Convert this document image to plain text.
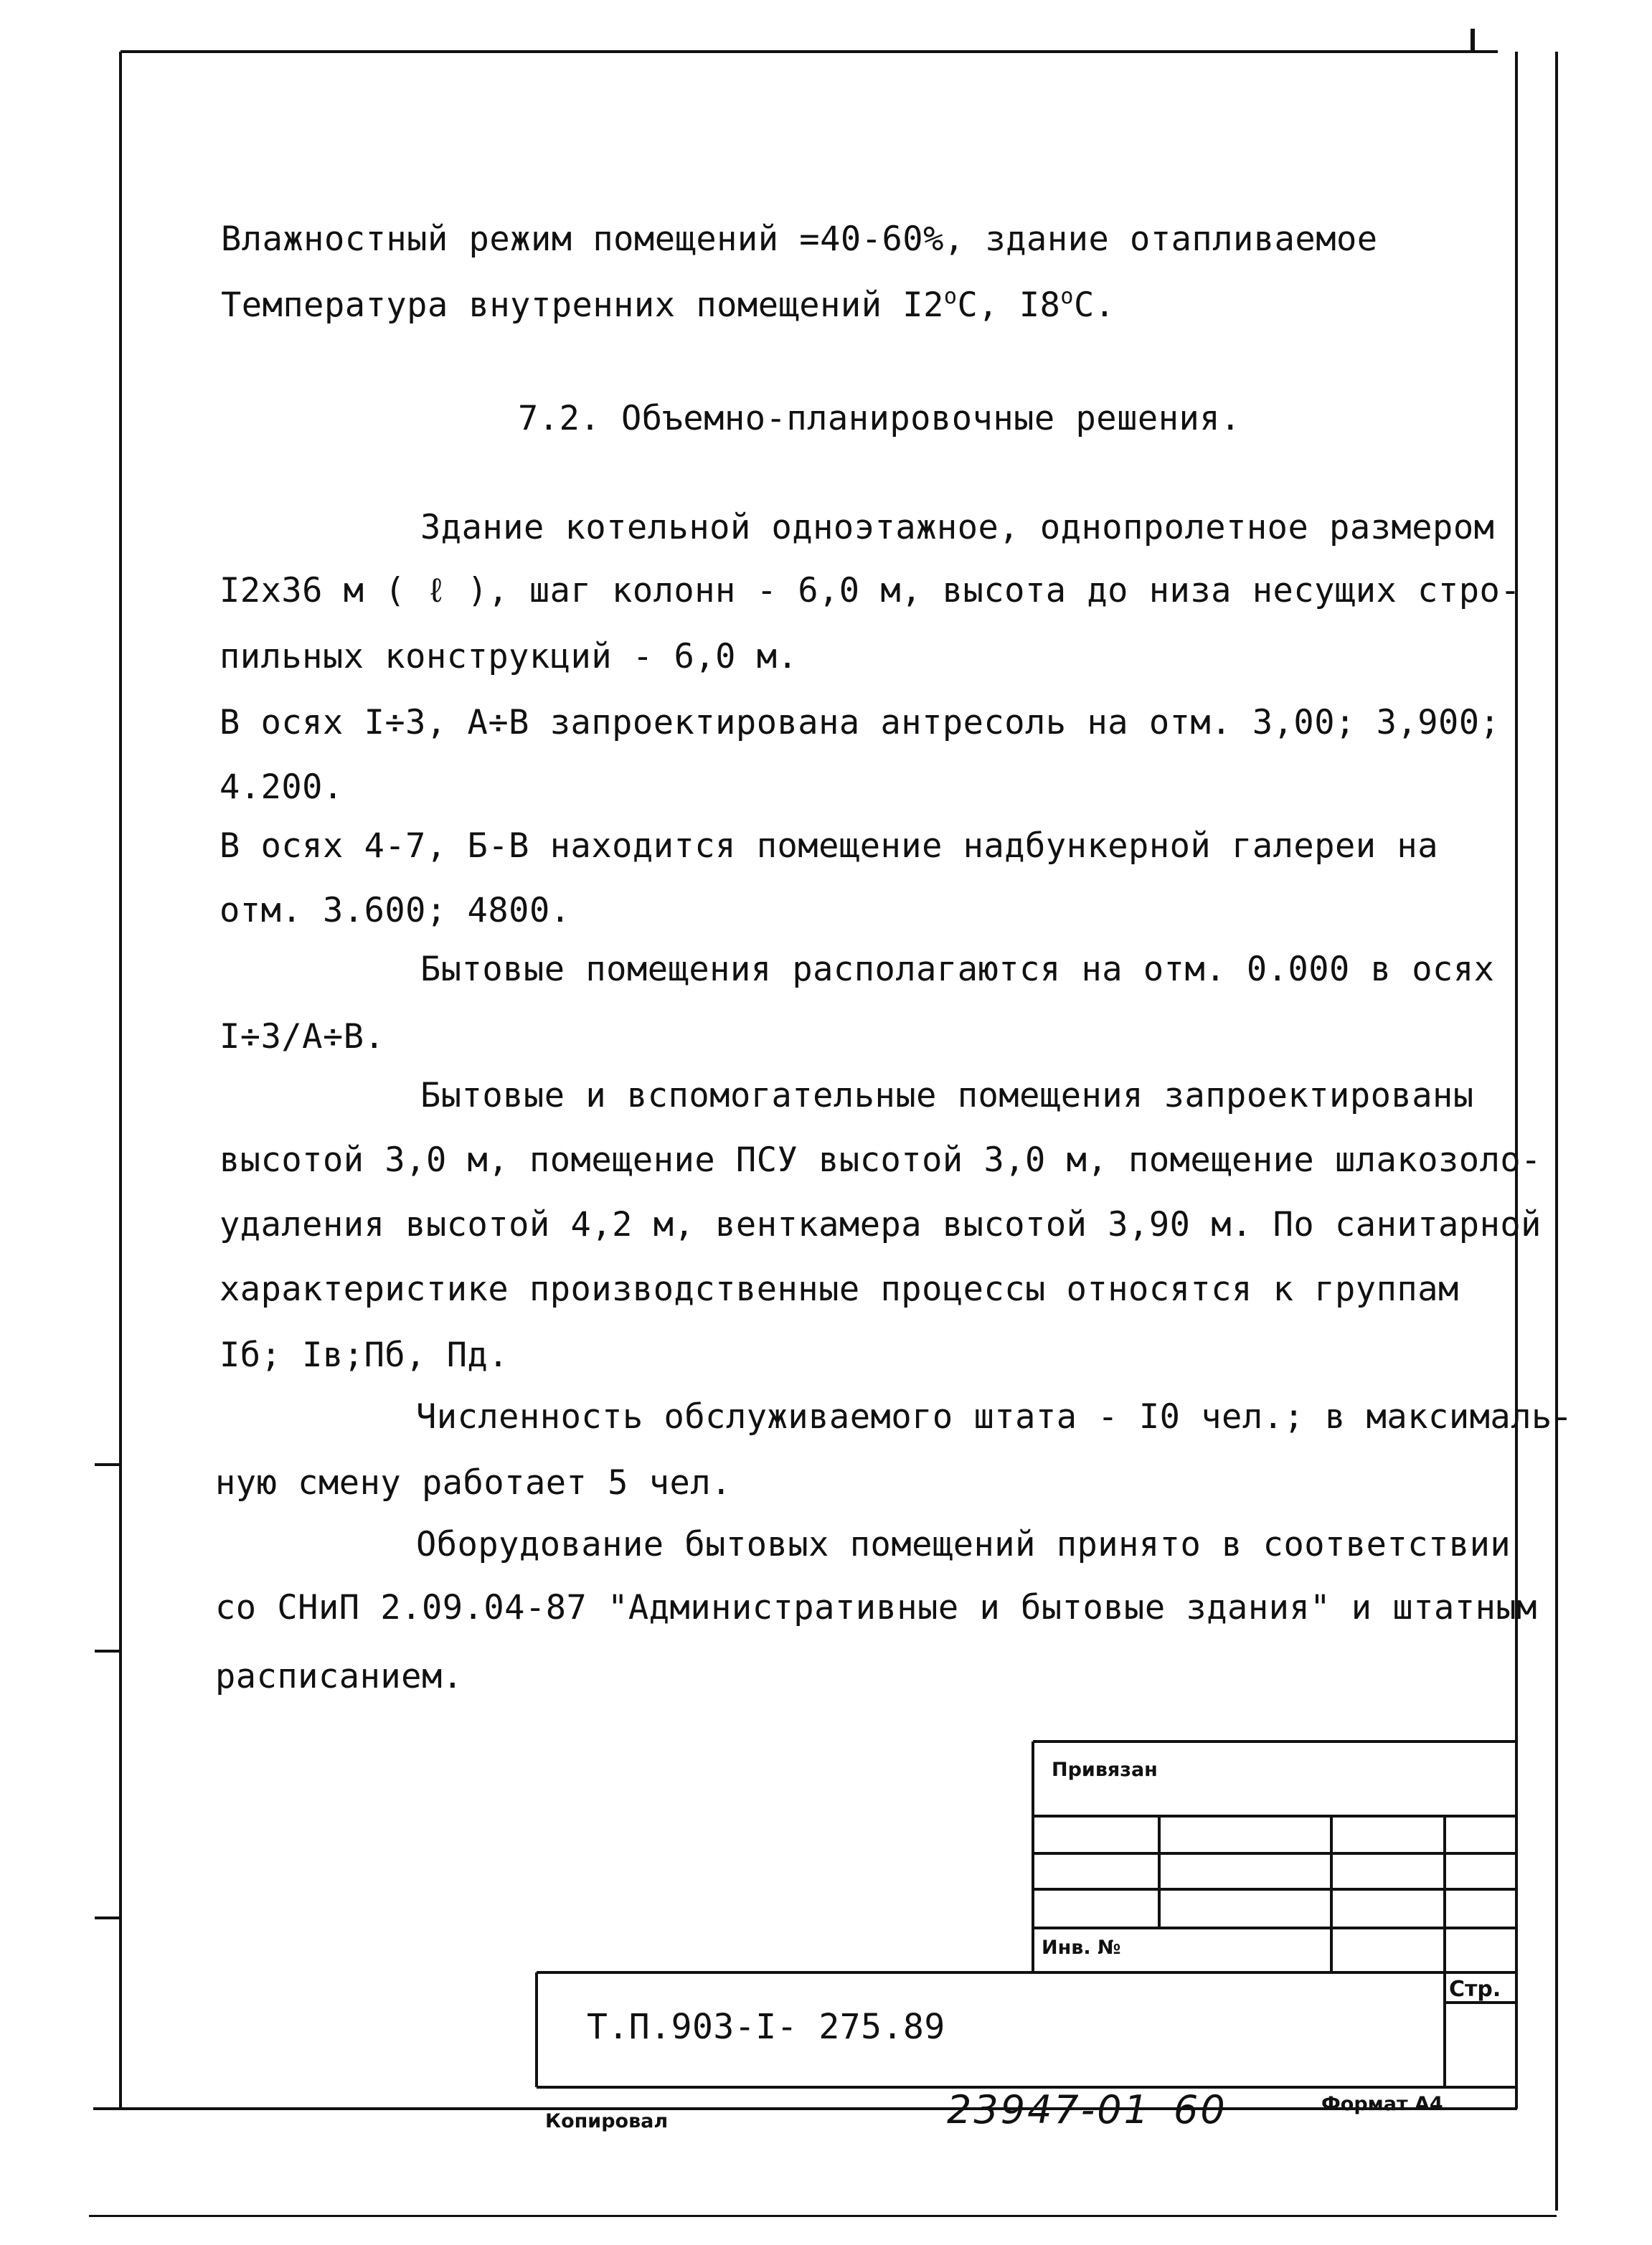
Влажностный режим помещений =40-60%, здание отапливаемое
Температура внутренних помещений I2$^o$C, I8$^o$C.
7.2. Объемно-планировочные решения.
Здание котельной одноэтажное, однопролетное размером
I2x36 м ( ℓ ), шаг колонн - 6,0 м, высота до низа несущих стро-
пильных конструкций - 6,0 м.
В осях I÷3, А÷В запроектирована антресоль на отм. 3,00; 3,900;
4.200.
В осях 4-7, Б-В находится помещение надбункерной галереи на
отм. 3.600; 4800.
Бытовые помещения располагаются на отм. 0.000 в осях
I÷3/А÷В.
Бытовые и вспомогательные помещения запроектированы
высотой 3,0 м, помещение ПСУ высотой 3,0 м, помещение шлакозоло-
удаления высотой 4,2 м, венткамера высотой 3,90 м. По санитарной
характеристике производственные процессы относятся к группам
Iб; Iв;Пб, Пд.
Численность обслуживаемого штата - I0 чел.; в максималь-
ную смену работает 5 чел.
Оборудование бытовых помещений принято в соответствии
со СНиП 2.09.04-87 "Административные и бытовые здания" и штатным
расписанием.
Привязан
Инв. №
Стр.
Т.П.903-I- 275.89
Копировал	23947-01 60	Формат А4
